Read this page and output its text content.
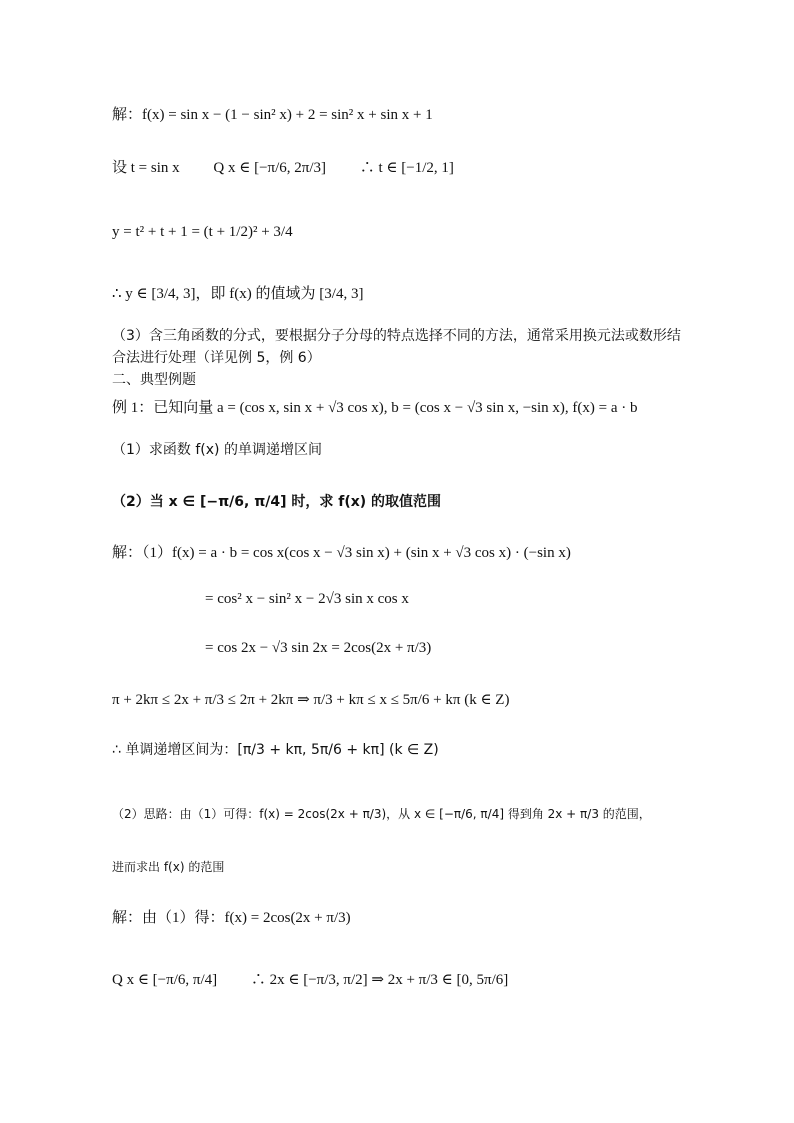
解：f(x) = sin x − (1 − sin² x) + 2 = sin² x + sin x + 1
设 t = sin x　　 Q x ∈ [−π/6, 2π/3]　　 ∴ t ∈ [−1/2, 1]
y = t² + t + 1 = (t + 1/2)² + 3/4
∴ y ∈ [3/4, 3]，即 f(x) 的值域为 [3/4, 3]
（3）含三角函数的分式，要根据分子分母的特点选择不同的方法，通常采用换元法或数形结
合法进行处理（详见例 5，例 6）
二、典型例题
例 1：已知向量 a = (cos x, sin x + √3 cos x), b = (cos x − √3 sin x, −sin x), f(x) = a · b
（1）求函数 f(x) 的单调递增区间
（2）当 x ∈ [−π/6, π/4] 时，求 f(x) 的取值范围
解：（1）f(x) = a · b = cos x(cos x − √3 sin x) + (sin x + √3 cos x) · (−sin x)
= cos² x − sin² x − 2√3 sin x cos x
= cos 2x − √3 sin 2x = 2cos(2x + π/3)
π + 2kπ ≤ 2x + π/3 ≤ 2π + 2kπ ⇒ π/3 + kπ ≤ x ≤ 5π/6 + kπ (k ∈ Z)
∴ 单调递增区间为：[π/3 + kπ, 5π/6 + kπ] (k ∈ Z)
（2）思路：由（1）可得：f(x) = 2cos(2x + π/3)，从 x ∈ [−π/6, π/4] 得到角 2x + π/3 的范围，
进而求出 f(x) 的范围
解：由（1）得：f(x) = 2cos(2x + π/3)
Q x ∈ [−π/6, π/4]　　 ∴ 2x ∈ [−π/3, π/2] ⇒ 2x + π/3 ∈ [0, 5π/6]
